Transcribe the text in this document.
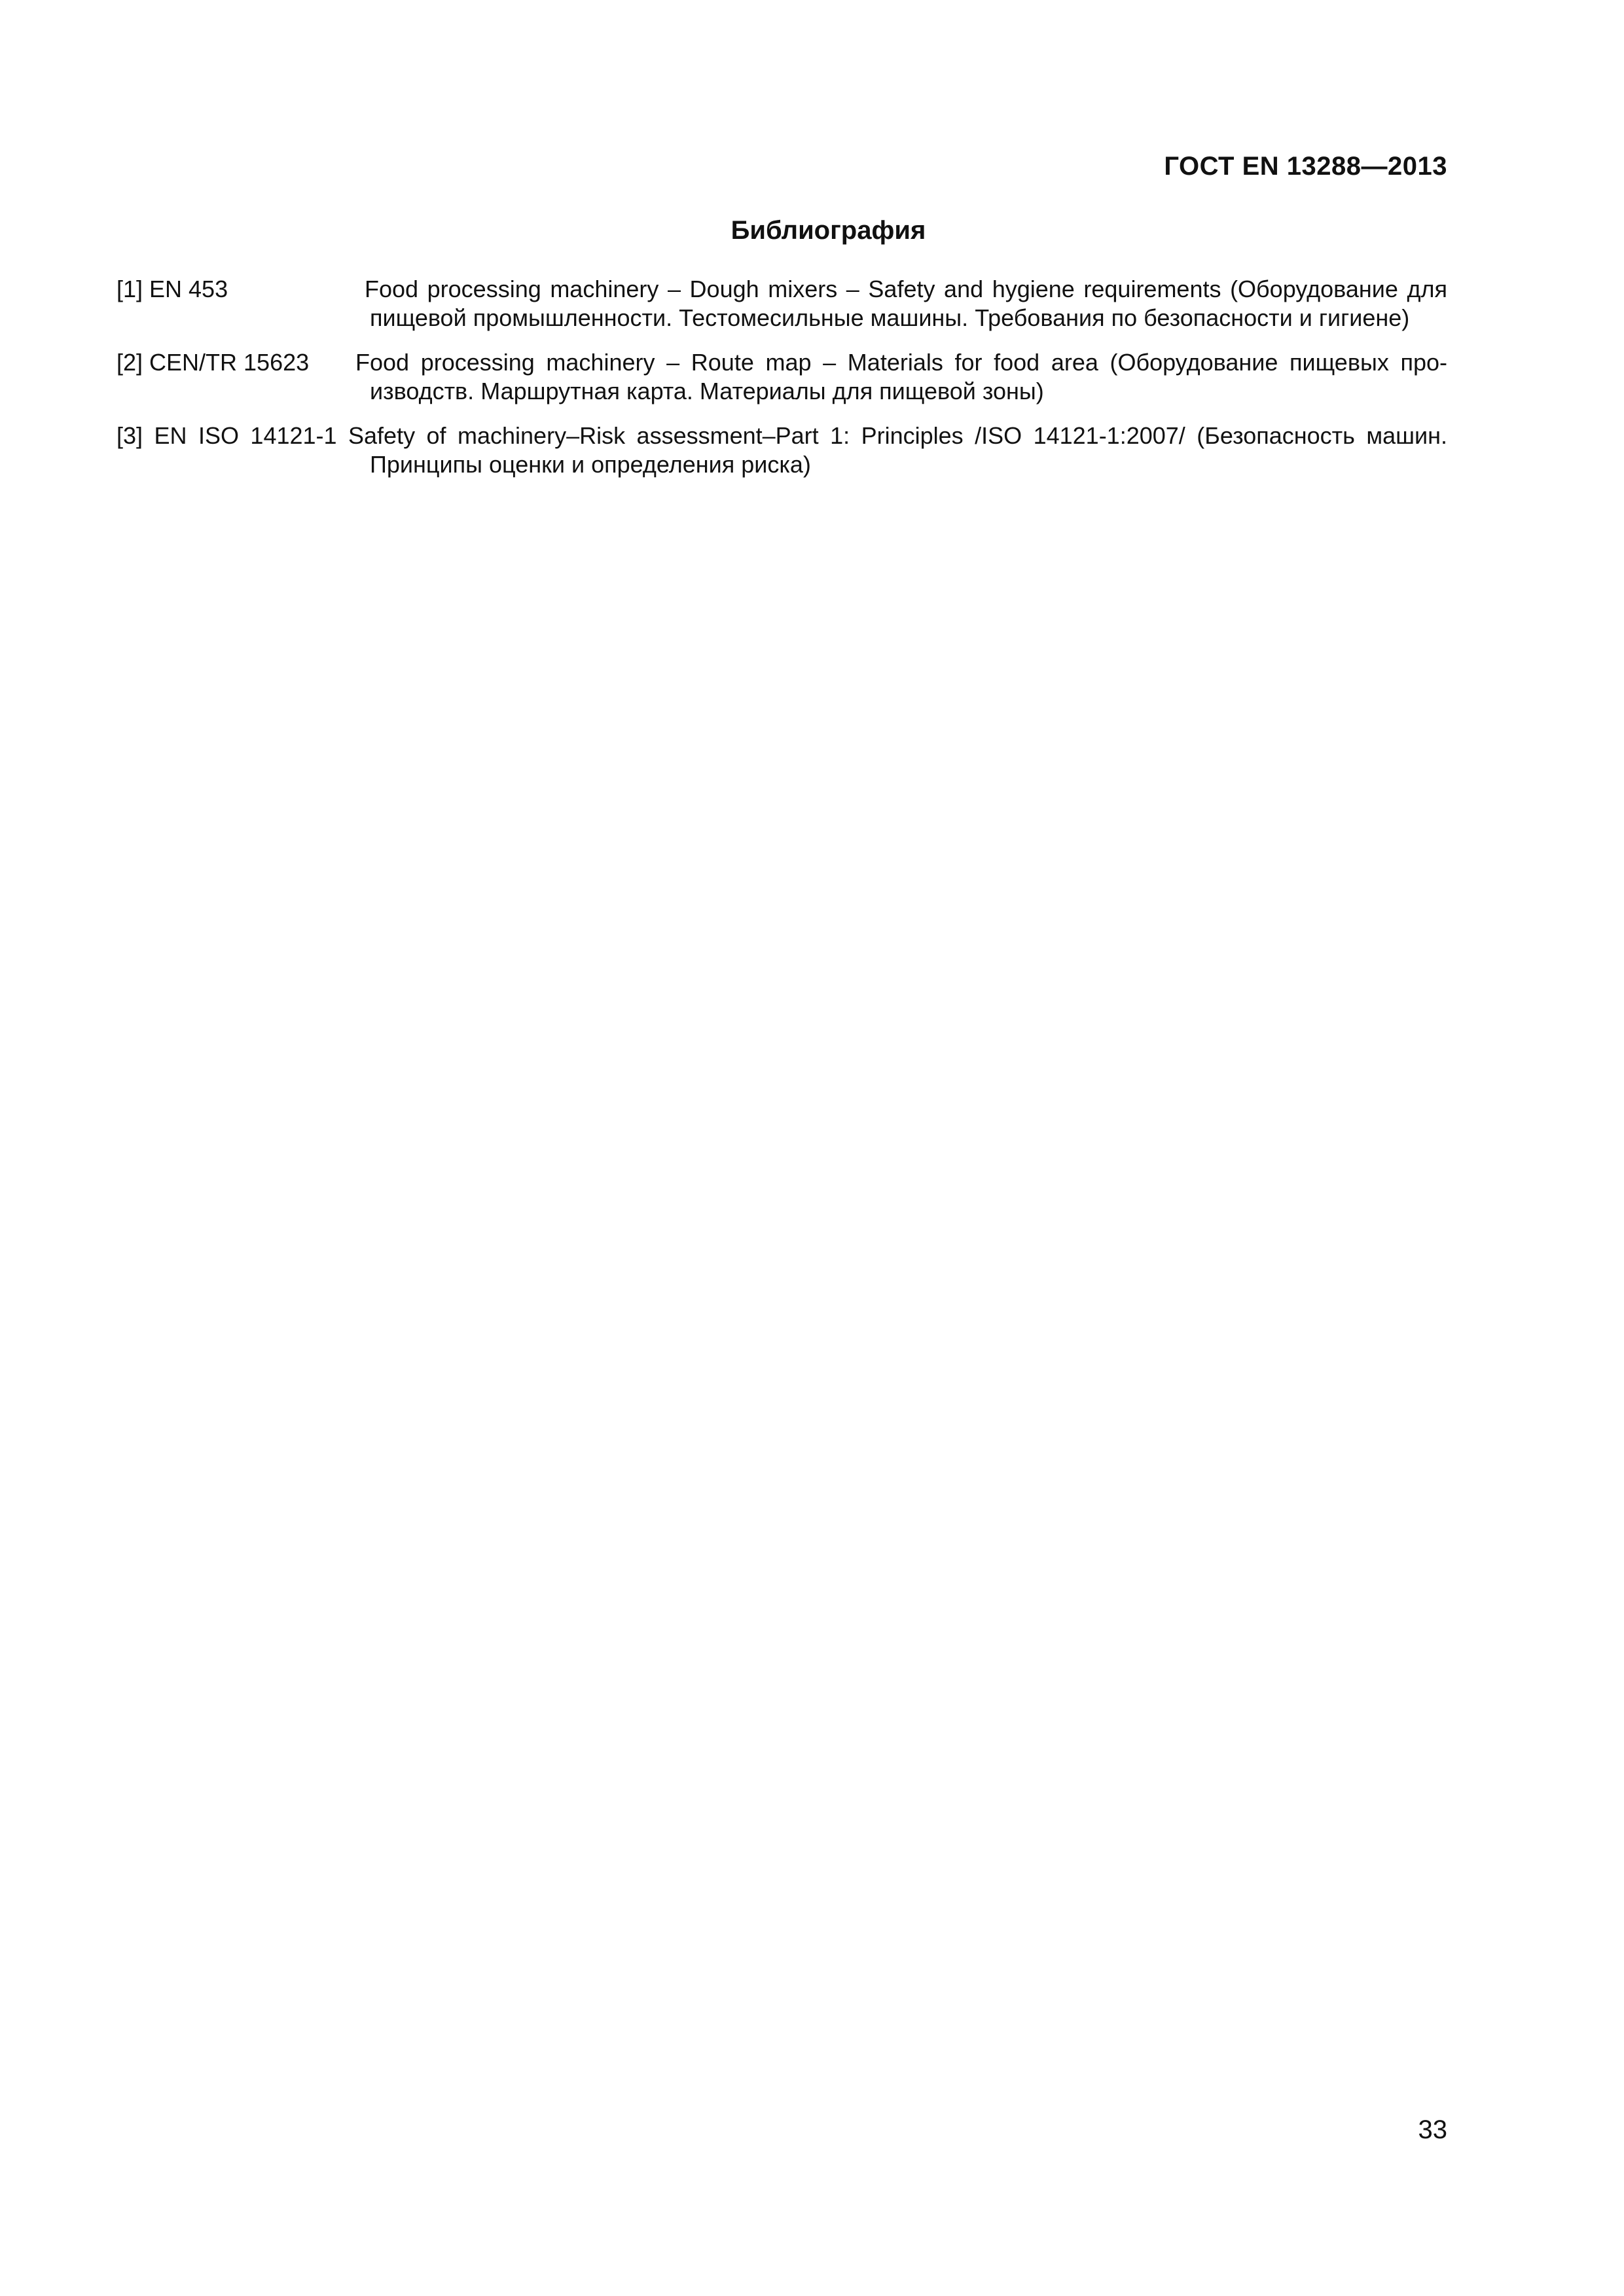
ГОСТ EN 13288—2013
Библиография
[1] EN 453	Food processing machinery – Dough mixers – Safety and hygiene requirements (Оборудование для пищевой промышленности. Тестомесильные машины. Требования по безопасности и гигиене)
[2] CEN/TR 15623	Food processing machinery – Route map – Materials for food area (Оборудование пищевых про-изводств. Маршрутная карта. Материалы для пищевой зоны)
[3] EN ISO 14121-1 Safety of machinery–Risk assessment–Part 1: Principles /ISO 14121-1:2007/ (Безопасность машин. Принципы оценки и определения риска)
33
